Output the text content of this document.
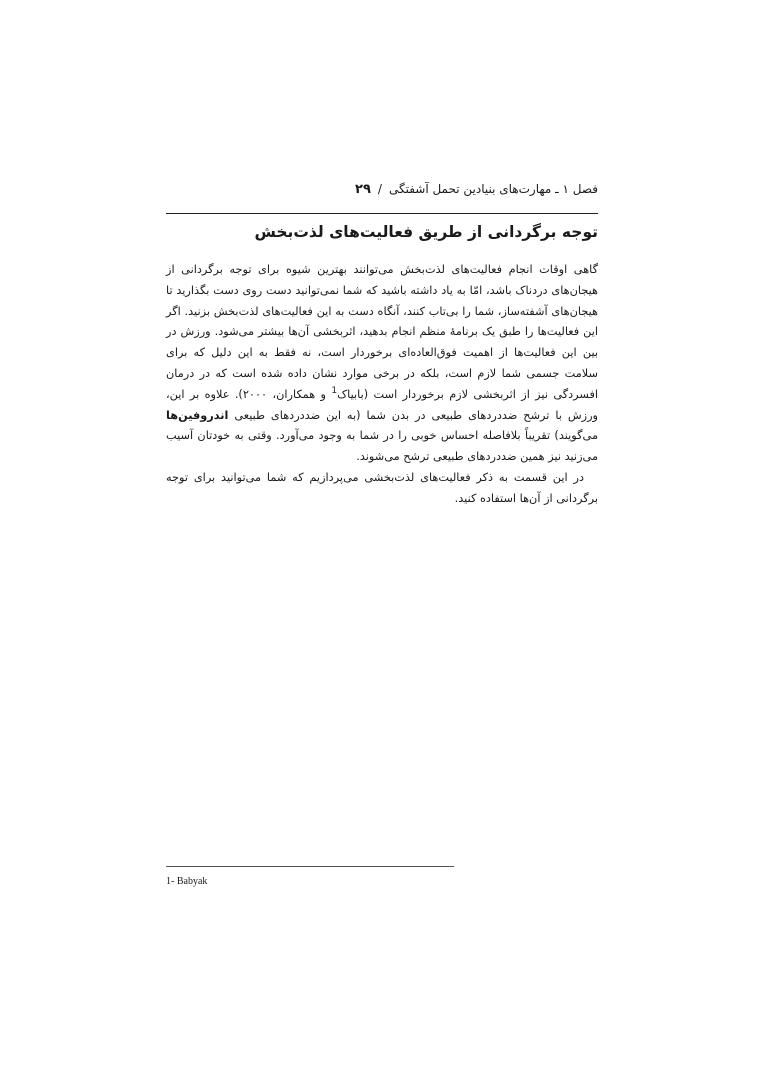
فصل ۱ ـ مهارت‌های بنیادین تحمل آشفتگی/۲۹
توجه برگردانی از طریق فعالیت‌های لذت‌بخش

گاهی اوقات انجام فعالیت‌های لذت‌بخش می‌توانند بهترین شیوه برای توجه برگردانی از هیجان‌های دردناک باشد، امّا به یاد داشته باشید که شما نمی‌توانید دست روی دست بگذارید تا هیجان‌های آشفته‌ساز، شما را بی‌تاب کنند، آنگاه دست به این فعالیت‌های لذت‌بخش بزنید. اگر این فعالیت‌ها را طبق یک برنامهٔ منظم انجام بدهید، اثربخشی آن‌ها بیشتر می‌شود. ورزش در بین این فعالیت‌ها از اهمیت فوق‌العاده‌ای برخوردار است، نه فقط به این دلیل که برای سلامت جسمی شما لازم است، بلکه در برخی موارد نشان داده شده است که در درمان افسردگی نیز از اثربخشی لازم برخوردار است (بابیاک$^1$ و همکاران، ۲۰۰۰). علاوه بر این، ورزش با ترشح ضددردهای طبیعی در بدن شما (به این ضددردهای طبیعی اندروفین‌ها می‌گویند) تقریباً بلافاصله احساس خوبی را در شما به وجود می‌آورد. وقتی به خودتان آسیب می‌زنید نیز همین ضددردهای طبیعی ترشح می‌شوند.

در این قسمت به ذکر فعالیت‌های لذت‌بخشی می‌پردازیم که شما می‌توانید برای توجه برگردانی از آن‌ها استفاده کنید.

1- Babyak
